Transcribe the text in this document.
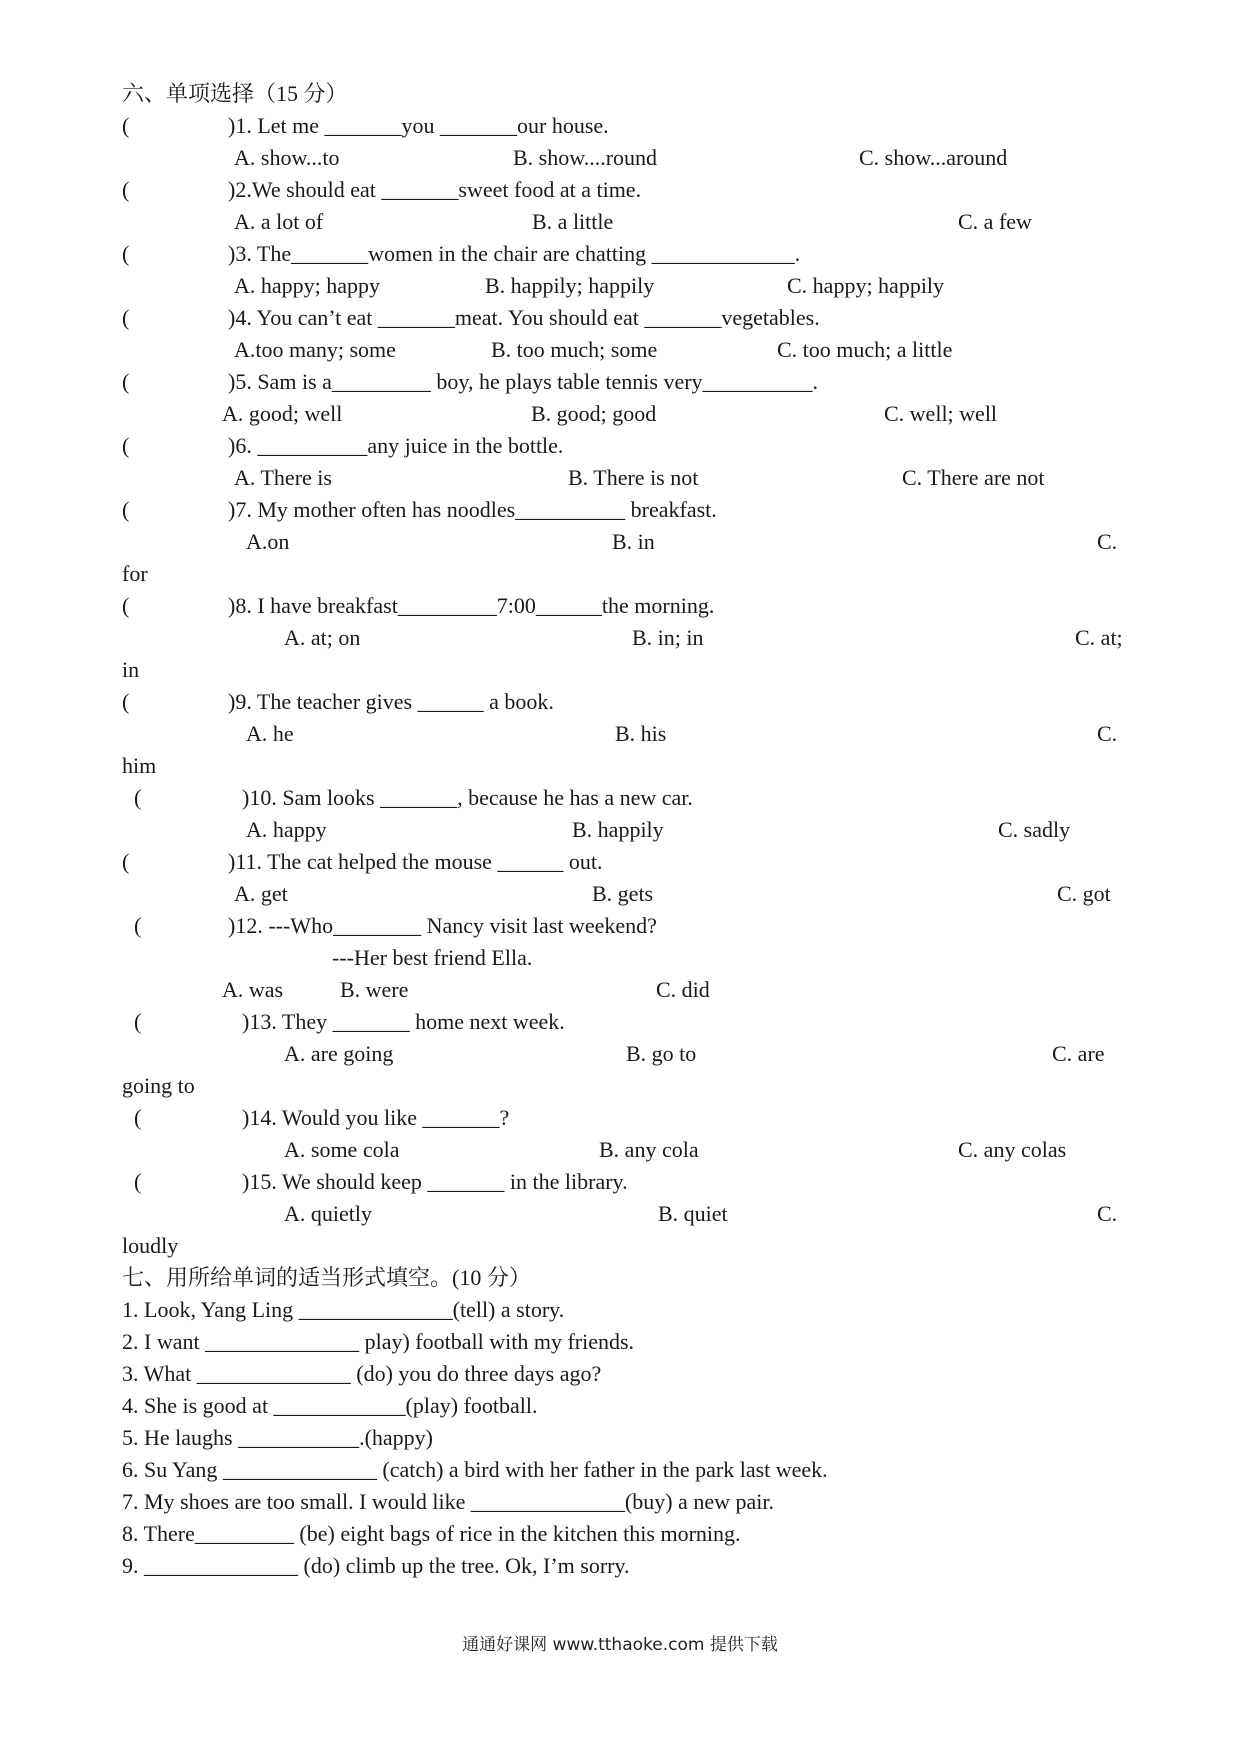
六、单项选择（15 分）
(	)1. Let me _______you _______our house.
A. show...to	B. show....round	C. show...around
(	)2.We should eat _______sweet food at a time.
A. a lot of	B. a little	C. a few
(	)3. The_______women in the chair are chatting _____________.
A. happy; happy	B. happily; happily	C. happy; happily
(	)4. You can’t eat _______meat. You should eat _______vegetables.
A.too many; some	B. too much; some	C. too much; a little
(	)5. Sam is a_________ boy, he plays table tennis very__________.
A. good; well	B. good; good	C. well; well
(	)6. __________any juice in the bottle.
A. There is	B. There is not	C. There are not
(	)7. My mother often has noodles__________ breakfast.
A.on	B. in	C.
for
(	)8. I have breakfast_________7:00______the morning.
A. at; on	B. in; in	C. at;
in
(	)9. The teacher gives ______ a book.
A. he	B. his	C.
him
(	)10. Sam looks _______, because he has a new car.
A. happy	B. happily	C. sadly
(	)11. The cat helped the mouse ______ out.
A. get	B. gets	C. got
(	)12. ---Who________ Nancy visit last weekend?
---Her best friend Ella.
A. was	B. were	C. did
(	)13. They _______ home next week.
A. are going	B. go to	C. are
going to
(	)14. Would you like _______?
A. some cola	B. any cola	C. any colas
(	)15. We should keep _______ in the library.
A. quietly	B. quiet	C.
loudly
七、用所给单词的适当形式填空。(10 分）
1. Look, Yang Ling ______________(tell) a story.
2. I want ______________ play) football with my friends.
3. What ______________ (do) you do three days ago?
4. She is good at ____________(play) football.
5. He laughs ___________.(happy)
6. Su Yang ______________ (catch) a bird with her father in the park last week.
7. My shoes are too small. I would like ______________(buy) a new pair.
8. There_________ (be) eight bags of rice in the kitchen this morning.
9. ______________ (do) climb up the tree. Ok, I’m sorry.
通通好课网 www.tthaoke.com 提供下载
